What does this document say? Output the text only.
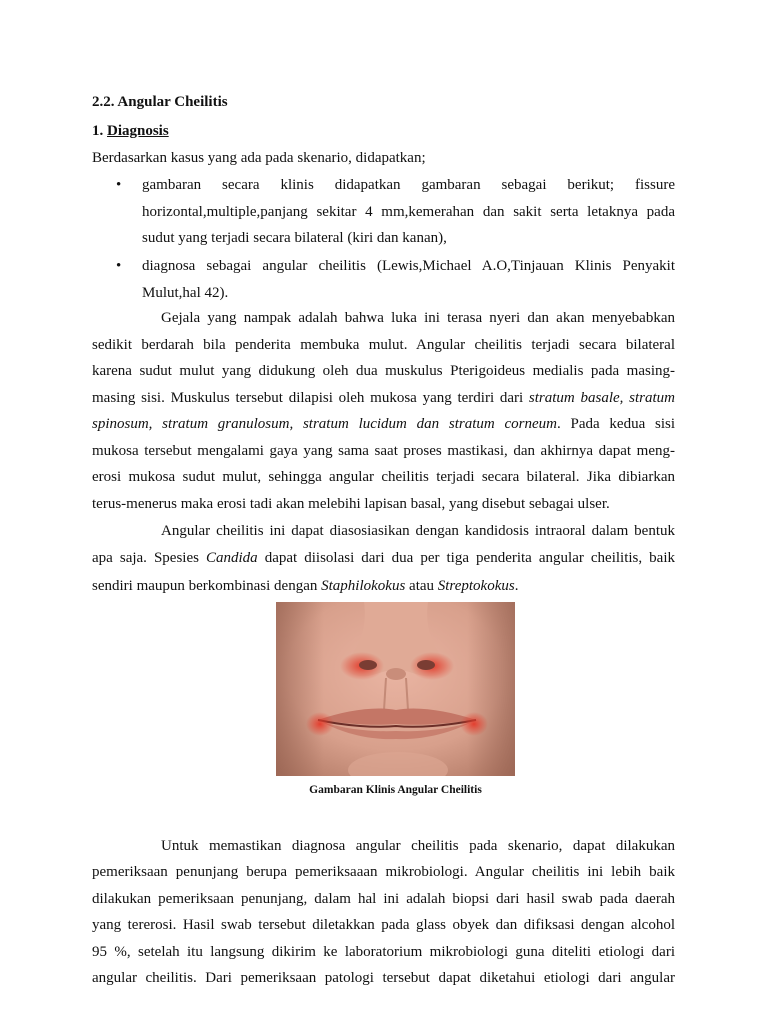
2.2. Angular Cheilitis
1. Diagnosis
Berdasarkan kasus yang ada pada skenario, didapatkan;
• gambaran secara klinis didapatkan gambaran sebagai berikut; fissure
horizontal,multiple,panjang sekitar 4 mm,kemerahan dan sakit serta letaknya pada
sudut yang terjadi secara bilateral (kiri dan kanan),
• diagnosa sebagai angular cheilitis (Lewis,Michael A.O,Tinjauan Klinis Penyakit
Mulut,hal 42).
Gejala yang nampak adalah bahwa luka ini terasa nyeri dan akan menyebabkan
sedikit berdarah bila penderita membuka mulut. Angular cheilitis terjadi secara bilateral
karena sudut mulut yang didukung oleh dua muskulus Pterigoideus medialis pada masing-
masing sisi. Muskulus tersebut dilapisi oleh mukosa yang terdiri dari stratum basale, stratum
spinosum, stratum granulosum, stratum lucidum dan stratum corneum. Pada kedua sisi
mukosa tersebut mengalami gaya yang sama saat proses mastikasi, dan akhirnya dapat meng-
erosi mukosa sudut mulut, sehingga angular cheilitis terjadi secara bilateral. Jika dibiarkan
terus-menerus maka erosi tadi akan melebihi lapisan basal, yang disebut sebagai ulser.
Angular cheilitis ini dapat diasosiasikan dengan kandidosis intraoral dalam bentuk
apa saja. Spesies Candida dapat diisolasi dari dua per tiga penderita angular cheilitis, baik
sendiri maupun berkombinasi dengan Staphilokokus atau Streptokokus.
Gambaran Klinis Angular Cheilitis
Untuk memastikan diagnosa angular cheilitis pada skenario, dapat dilakukan
pemeriksaan penunjang berupa pemeriksaaan mikrobiologi. Angular cheilitis ini lebih baik
dilakukan pemeriksaan penunjang, dalam hal ini adalah biopsi dari hasil swab pada daerah
yang tererosi. Hasil swab tersebut diletakkan pada glass obyek dan difiksasi dengan alcohol
95 %, setelah itu langsung dikirim ke laboratorium mikrobiologi guna diteliti etiologi dari
angular cheilitis. Dari pemeriksaan patologi tersebut dapat diketahui etiologi dari angular
